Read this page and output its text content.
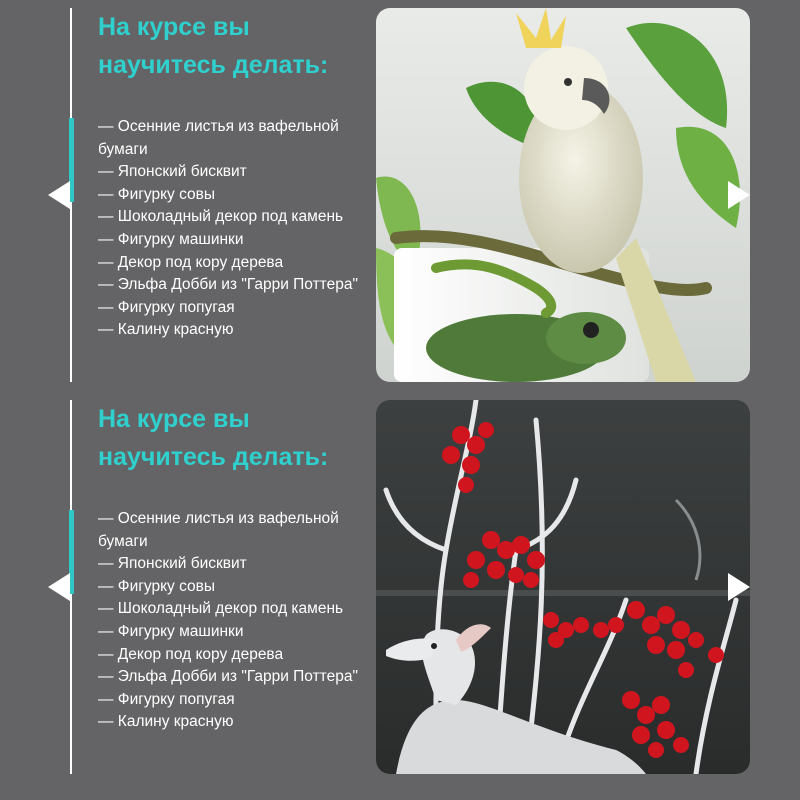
На курсе вы
научитесь делать:
— Осенние листья из вафельной бумаги
— Японский бисквит
— Фигурку совы
— Шоколадный декор под камень
— Фигурку машинки
— Декор под кору дерева
— Эльфа Добби из "Гарри Поттера"
— Фигурку попугая
— Калину красную
На курсе вы
научитесь делать:
— Осенние листья из вафельной бумаги
— Японский бисквит
— Фигурку совы
— Шоколадный декор под камень
— Фигурку машинки
— Декор под кору дерева
— Эльфа Добби из "Гарри Поттера"
— Фигурку попугая
— Калину красную
